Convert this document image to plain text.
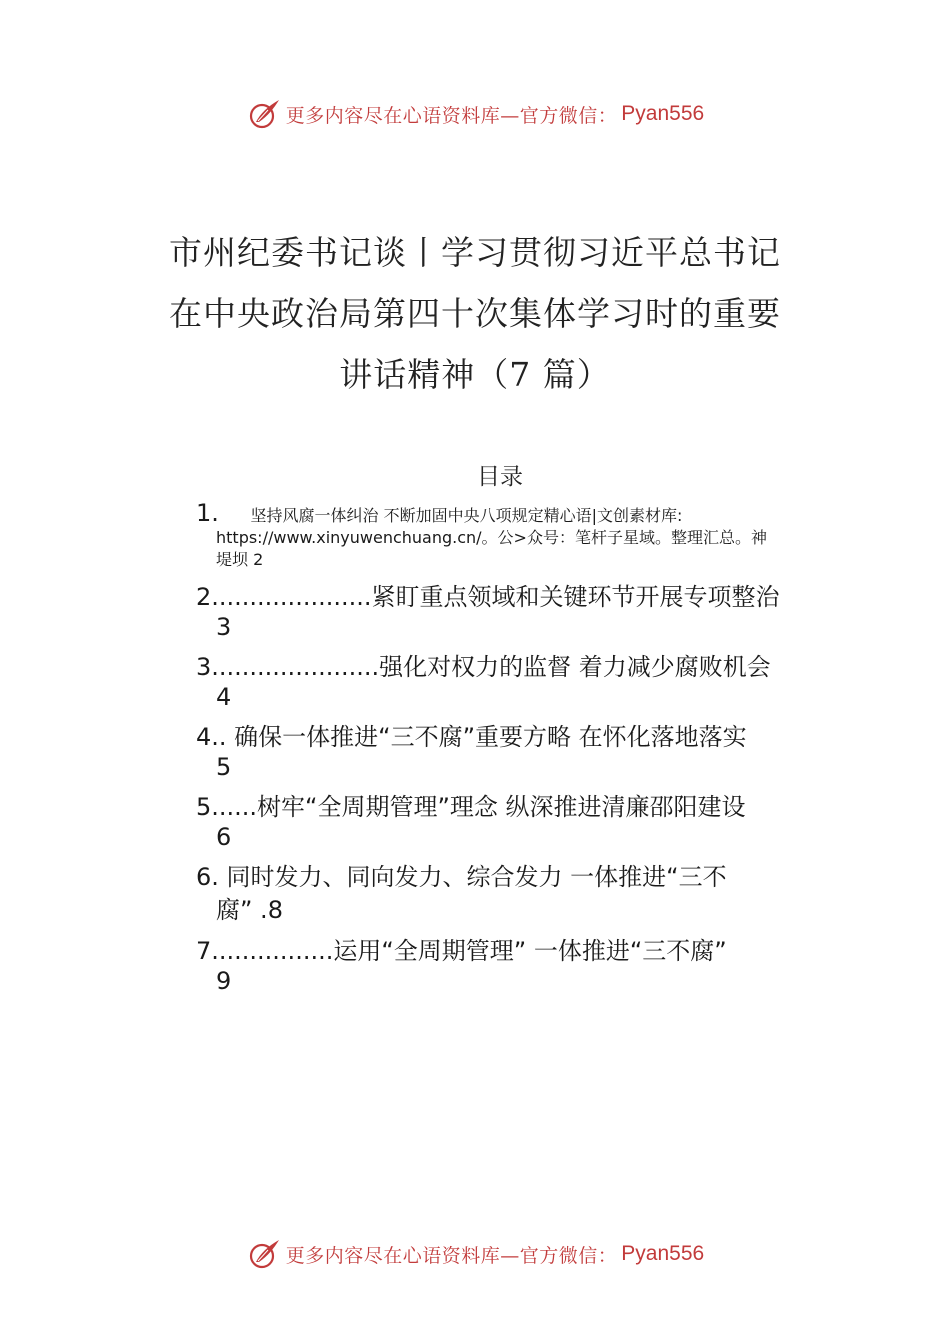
更多内容尽在心语资料库—官方微信： Pyan556
市州纪委书记谈丨学习贯彻习近平总书记
在中央政治局第四十次集体学习时的重要
讲话精神（7 篇）
目录
1. 坚持风腐一体纠治 不断加固中央八项规定精心语|文创素材库:
https://www.xinyuwenchuang.cn/。公>众号：笔杆子星域。整理汇总。神
堤坝 2
2.....................紧盯重点领域和关键环节开展专项整治
3
3......................强化对权力的监督 着力减少腐败机会
4
4.. 确保一体推进“三不腐”重要方略 在怀化落地落实
5
5......树牢“全周期管理”理念 纵深推进清廉邵阳建设
6
6. 同时发力、同向发力、综合发力 一体推进“三不
腐” .8
7................运用“全周期管理” 一体推进“三不腐”
9
更多内容尽在心语资料库—官方微信： Pyan556
